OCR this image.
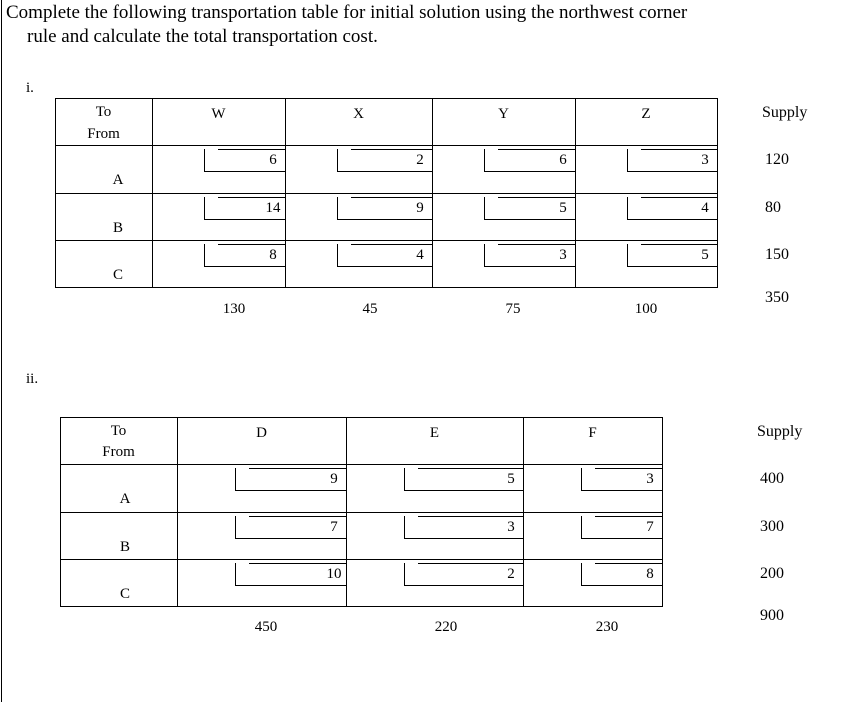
Complete the following transportation table for initial solution using the northwest corner
rule and calculate the total transportation cost.
i.
To
From
W	X	Y	Z	Supply
A
6	2	6	3	120
B
14	9	5	4	80
C
8	4	3	5	150
130	45	75	100
350
ii.
To
From
D	E	F	Supply
A
9	5	3	400
B
7	3	7	300
C
10	2	8	200
450	220	230
900
